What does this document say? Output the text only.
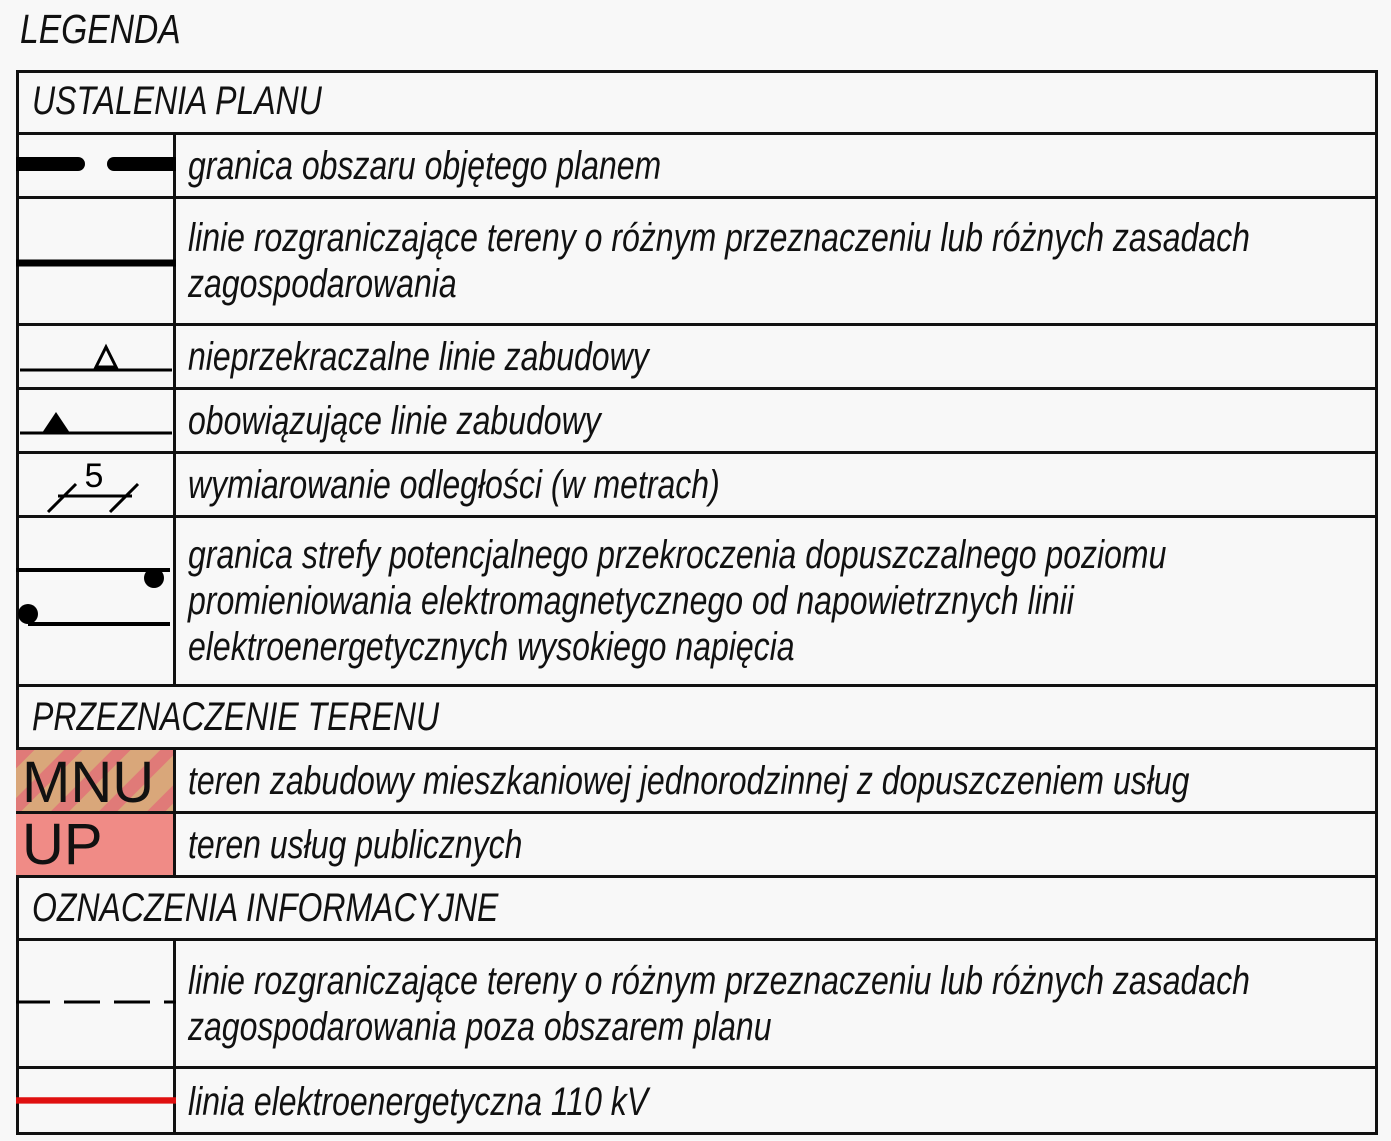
LEGENDA
USTALENIA PLANU
granica obszaru objętego planem
linie rozgraniczające tereny o różnym przeznaczeniu lub różnych zasadach
zagospodarowania
nieprzekraczalne linie zabudowy
obowiązujące linie zabudowy
5 wymiarowanie odległości (w metrach)
granica strefy potencjalnego przekroczenia dopuszczalnego poziomu
promieniowania elektromagnetycznego od napowietrznych linii
elektroenergetycznych wysokiego napięcia
PRZEZNACZENIE TERENU
MNU teren zabudowy mieszkaniowej jednorodzinnej z dopuszczeniem usług
UP teren usług publicznych
OZNACZENIA INFORMACYJNE
linie rozgraniczające tereny o różnym przeznaczeniu lub różnych zasadach
zagospodarowania poza obszarem planu
linia elektroenergetyczna 110 kV
